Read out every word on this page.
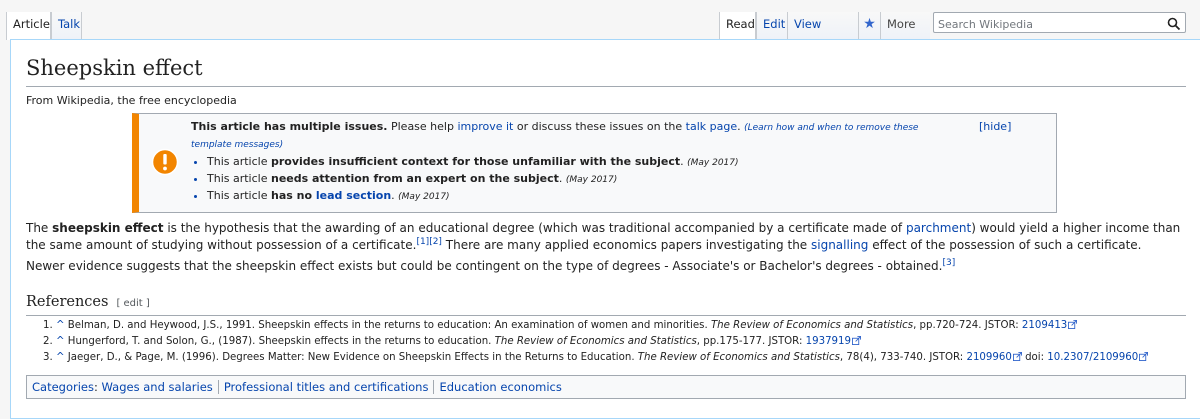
Article Talk	Read Edit View	★ More
Search Wikipedia
Sheepskin effect
From Wikipedia, the free encyclopedia
This article has multiple issues. Please help improve it or discuss these issues on the talk page. (Learn how and when to remove these template messages)
• This article provides insufficient context for those unfamiliar with the subject. (May 2017)
• This article needs attention from an expert on the subject. (May 2017)
• This article has no lead section. (May 2017)
[hide]
The sheepskin effect is the hypothesis that the awarding of an educational degree (which was traditional accompanied by a certificate made of parchment) would yield a higher income than the same amount of studying without possession of a certificate.[1][2] There are many applied economics papers investigating the signalling effect of the possession of such a certificate.
Newer evidence suggests that the sheepskin effect exists but could be contingent on the type of degrees - Associate's or Bachelor's degrees - obtained.[3]
References [ edit ]
1. ^ Belman, D. and Heywood, J.S., 1991. Sheepskin effects in the returns to education: An examination of women and minorities. The Review of Economics and Statistics, pp.720-724. JSTOR: 2109413
2. ^ Hungerford, T. and Solon, G., (1987). Sheepskin effects in the returns to education. The Review of Economics and Statistics, pp.175-177. JSTOR: 1937919
3. ^ Jaeger, D., & Page, M. (1996). Degrees Matter: New Evidence on Sheepskin Effects in the Returns to Education. The Review of Economics and Statistics, 78(4), 733-740. JSTOR: 2109960 doi: 10.2307/2109960
Categories: Wages and salaries Professional titles and certifications Education economics
